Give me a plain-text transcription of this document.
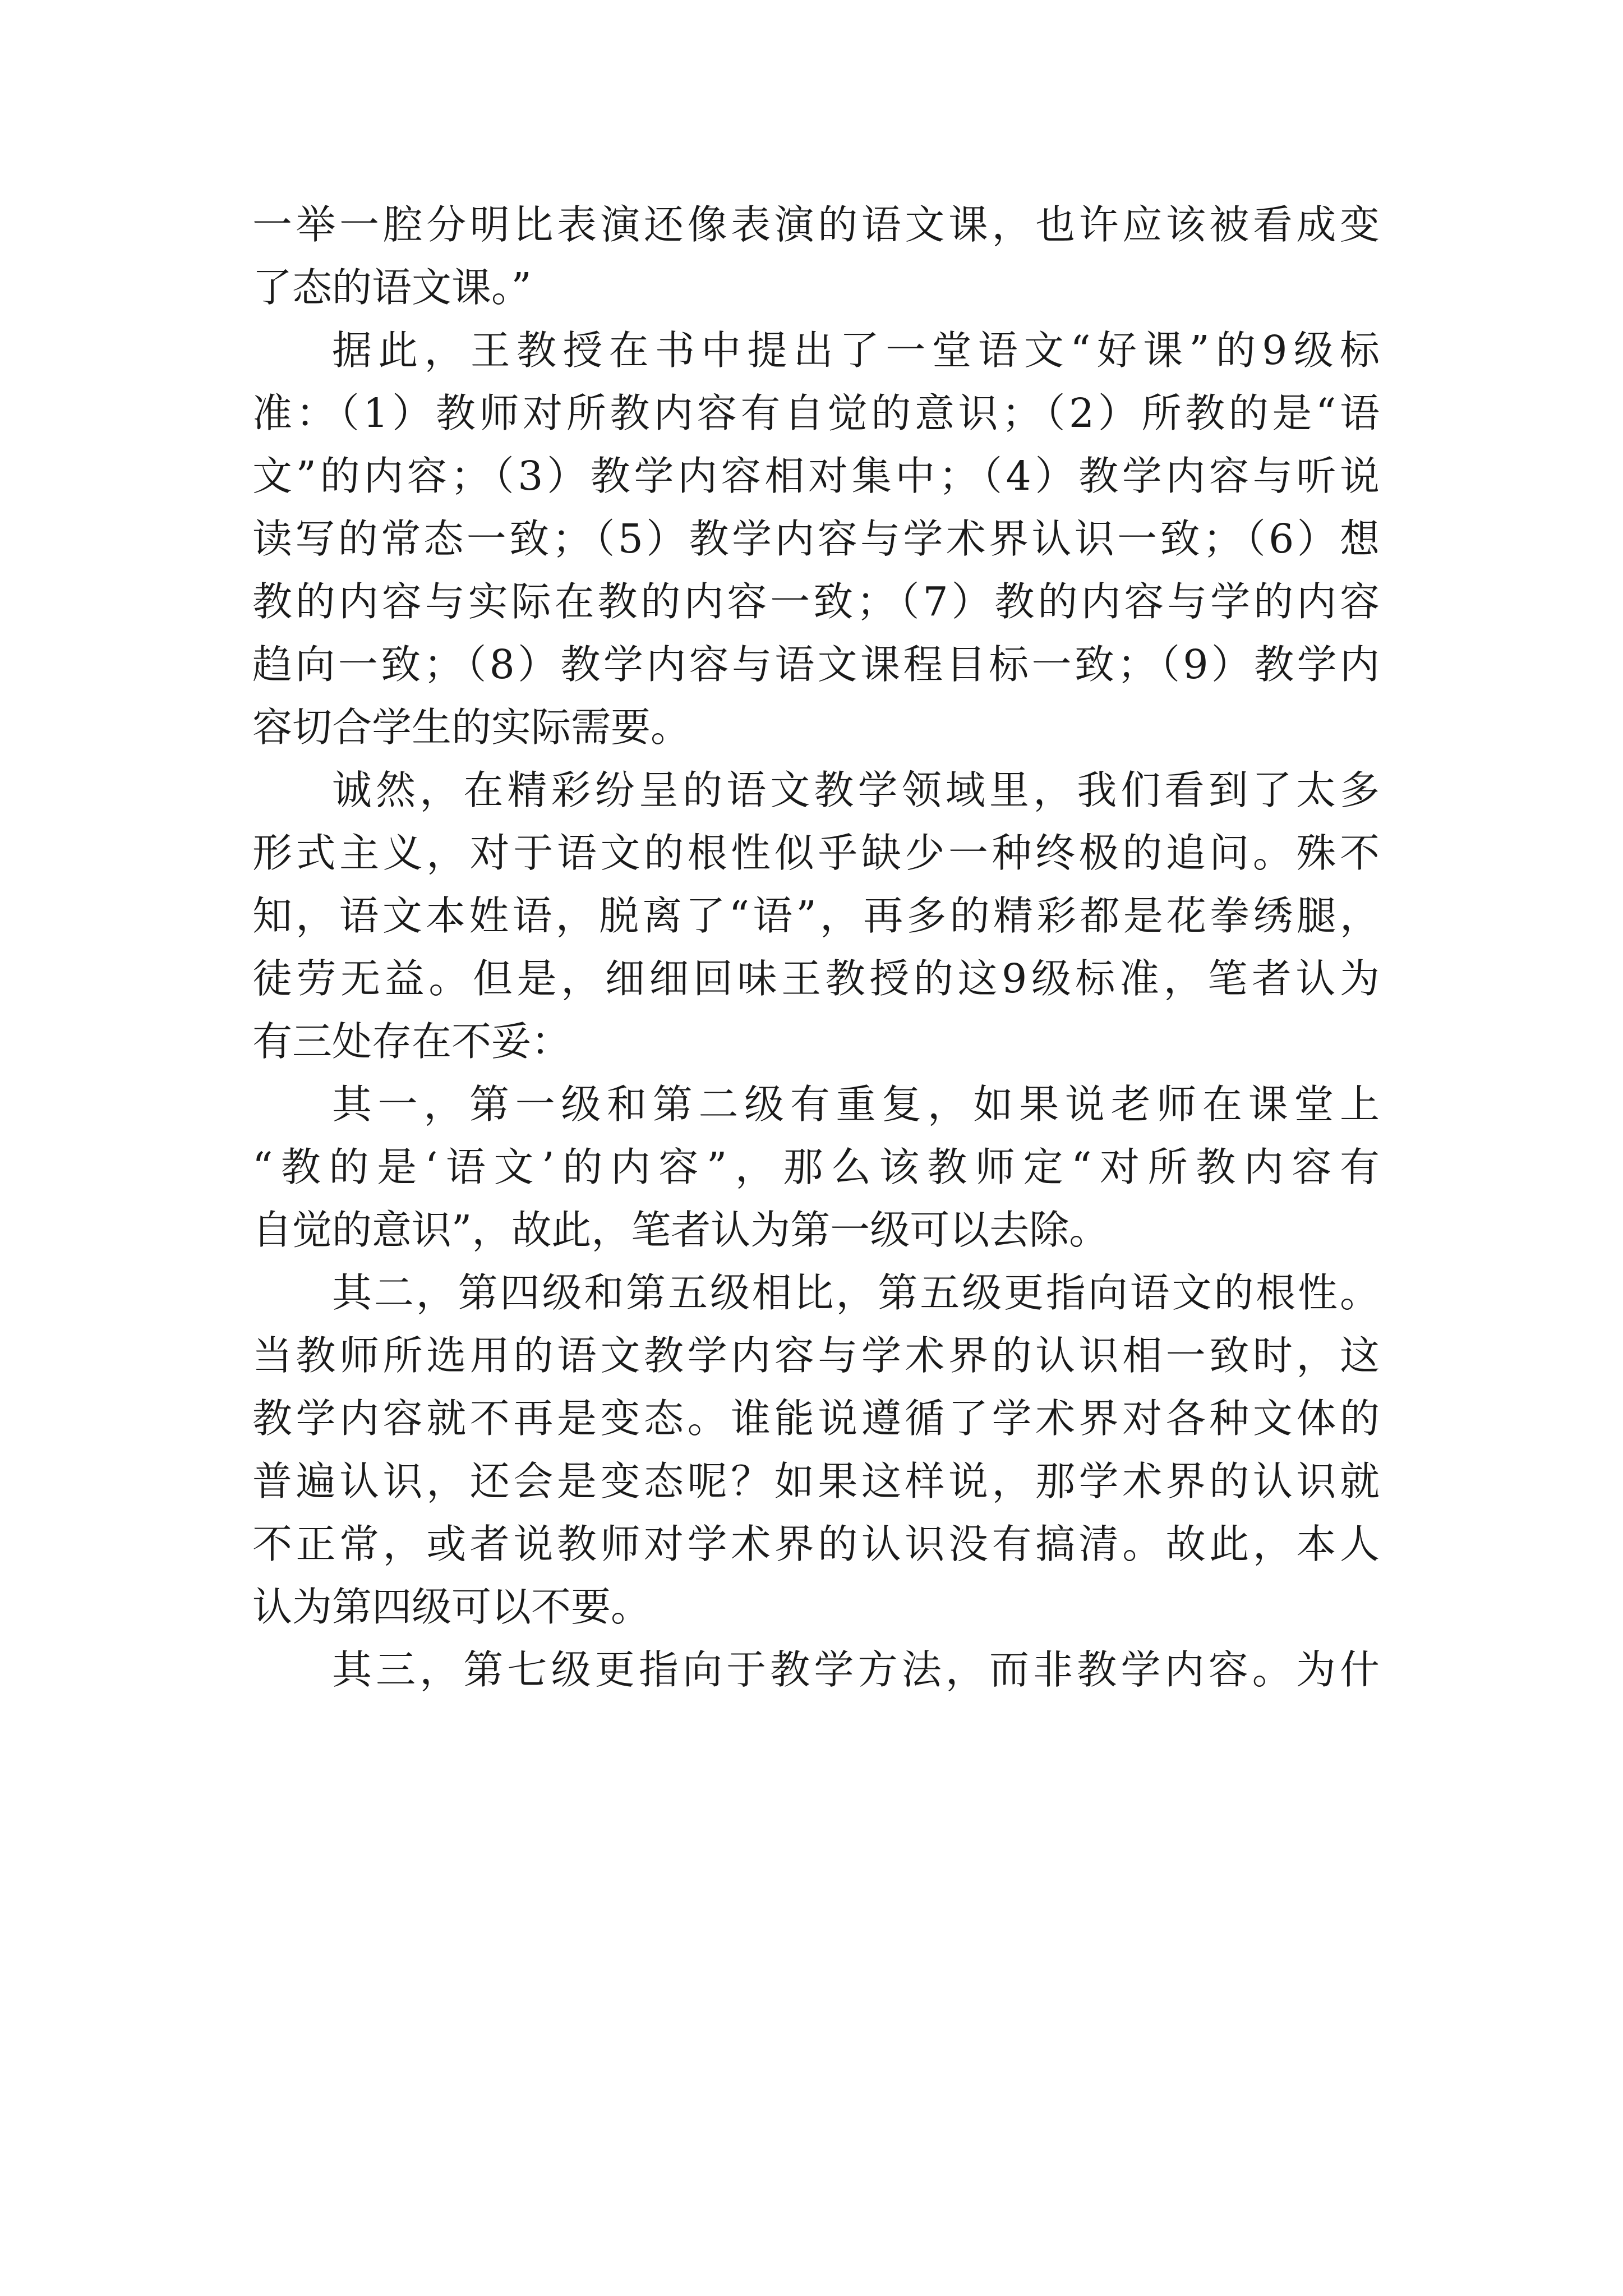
一举一腔分明比表演还像表演的语文课，也许应该被看成变
了态的语文课。”
据此，王教授在书中提出了一堂语文“好课”的9级标
准：（1）教师对所教内容有自觉的意识；（2）所教的是“语
文”的内容；（3）教学内容相对集中；（4）教学内容与听说
读写的常态一致；（5）教学内容与学术界认识一致；（6）想
教的内容与实际在教的内容一致；（7）教的内容与学的内容
趋向一致；（8）教学内容与语文课程目标一致；（9）教学内
容切合学生的实际需要。
诚然，在精彩纷呈的语文教学领域里，我们看到了太多
形式主义，对于语文的根性似乎缺少一种终极的追问。殊不
知，语文本姓语，脱离了“语”，再多的精彩都是花拳绣腿，
徒劳无益。但是，细细回味王教授的这9级标准，笔者认为
有三处存在不妥：
其一，第一级和第二级有重复，如果说老师在课堂上
“教的是‘语文’的内容”，那么该教师定“对所教内容有
自觉的意识”，故此，笔者认为第一级可以去除。
其二，第四级和第五级相比，第五级更指向语文的根性。
当教师所选用的语文教学内容与学术界的认识相一致时，这
教学内容就不再是变态。谁能说遵循了学术界对各种文体的
普遍认识，还会是变态呢？如果这样说，那学术界的认识就
不正常，或者说教师对学术界的认识没有搞清。故此，本人
认为第四级可以不要。
其三，第七级更指向于教学方法，而非教学内容。为什
